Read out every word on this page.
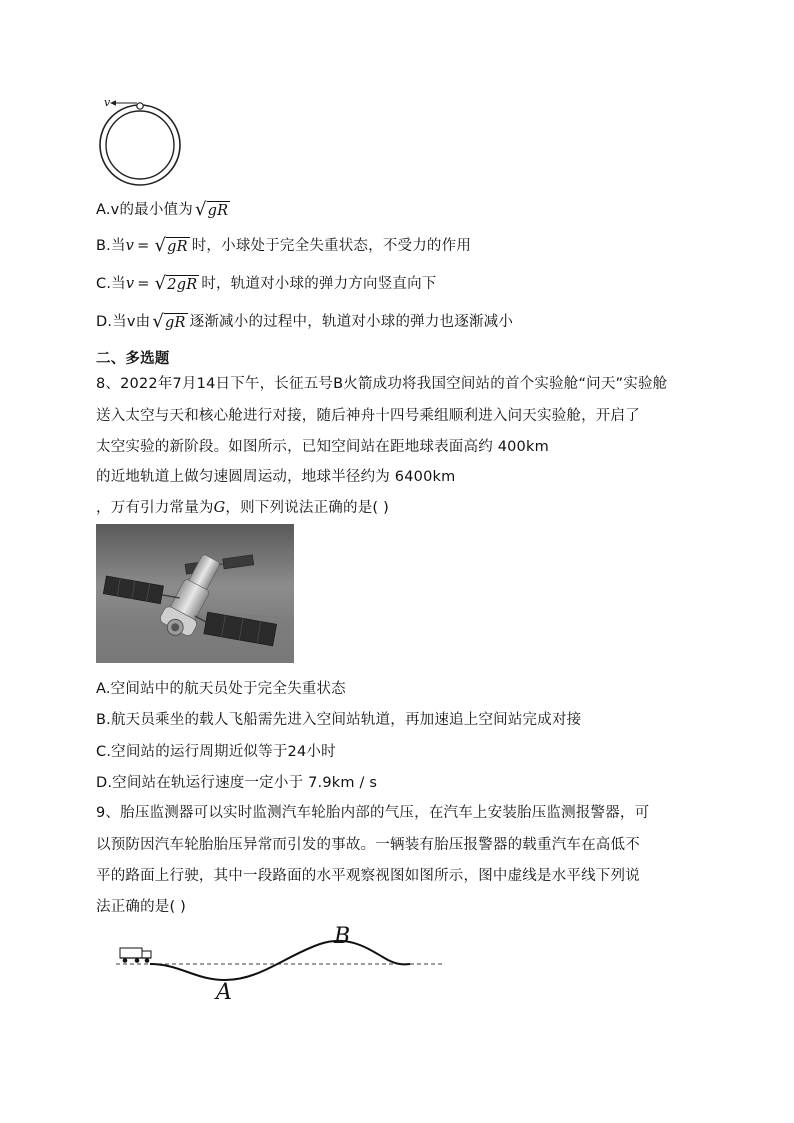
v
A.v的最小值为 √ gR
B.当v = √ gR 时，小球处于完全失重状态，不受力的作用
C.当v = √ 2gR 时，轨道对小球的弹力方向竖直向下
D.当v由 √ gR 逐渐减小的过程中，轨道对小球的弹力也逐渐减小
二、多选题
8、2022年7月14日下午，长征五号B火箭成功将我国空间站的首个实验舱“问天”实验舱
送入太空与天和核心舱进行对接，随后神舟十四号乘组顺利进入问天实验舱，开启了
太空实验的新阶段。如图所示，已知空间站在距地球表面高约 400km
的近地轨道上做匀速圆周运动，地球半径约为 6400km
，万有引力常量为G，则下列说法正确的是( )
A.空间站中的航天员处于完全失重状态
B.航天员乘坐的载人飞船需先进入空间站轨道，再加速追上空间站完成对接
C.空间站的运行周期近似等于24小时
D.空间站在轨运行速度一定小于 7.9km / s
9、胎压监测器可以实时监测汽车轮胎内部的气压，在汽车上安装胎压监测报警器，可
以预防因汽车轮胎胎压异常而引发的事故。一辆装有胎压报警器的载重汽车在高低不
平的路面上行驶，其中一段路面的水平观察视图如图所示，图中虚线是水平线下列说
法正确的是( )
B
A
